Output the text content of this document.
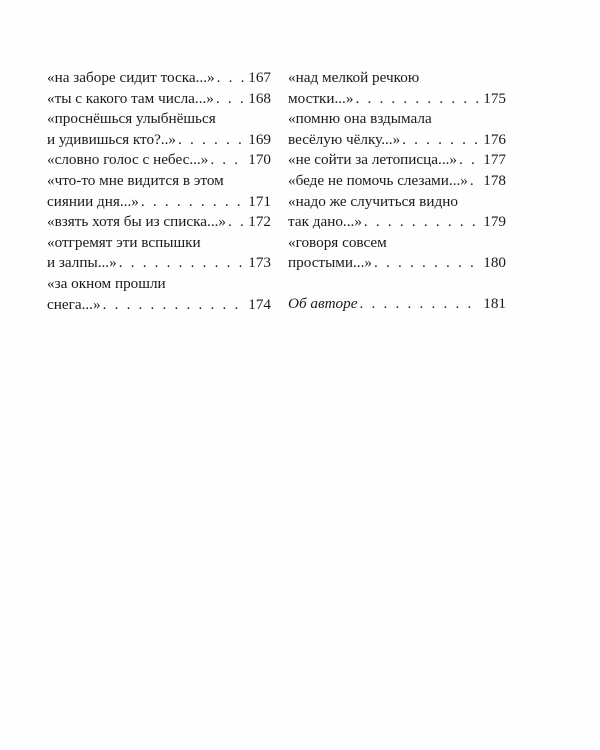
«на заборе сидит тоска...» . . . 167
«ты с какого там числа...» . . . 168
«проснёшься улыбнёшься
и удивишься кто?..» . . .	169
«словно голос с небес...» . . .	170
«что-то мне видится в этом
сиянии дня...» . . .	171
«взять хотя бы из списка...» . . . 172
«отгремят эти вспышки
и залпы...» . . .	173
«за окном прошли
снега...» . . .	174
«над мелкой речкою
мостки...» . . .	175
«помню она вздымала
весёлую чёлку...» . . .	176
«не сойти за летописца...» . . . 177
«беде не помочь слезами...» . . . 178
«надо же случиться видно
так дано...» . . .	179
«говоря совсем
простыми...» . . .	180
Об авторе . . .	181
